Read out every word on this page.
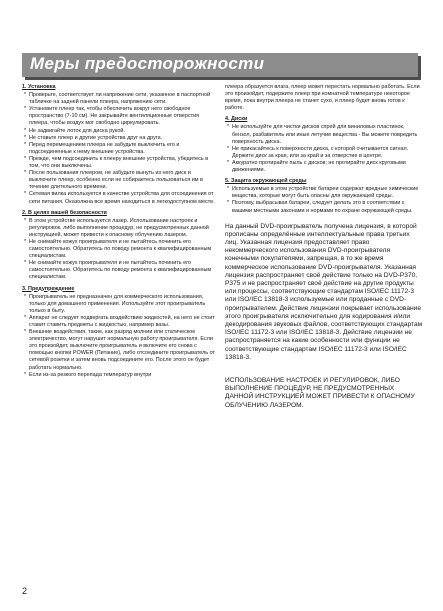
Меры предосторожности
1. Установка
* Проверьте, соответствует ли напряжение сети, указанное в паспортной табличке на задней панели плеера, напряжению сети.
* Установите плеер так, чтобы обеспечить вокруг него свободное пространство (7-10 см). Не закрывайте вентиляционные отверстия плеера, чтобы воздух мог свободно циркулировать.
* Не задвигайте лоток для диска рукой.
* Не ставьте плеер и другие устройства друг на друга.
* Перед перемещением плеера не забудьте выключить его и подсоединенные к нему внешние устройства.
* Прежде, чем подсоединить к плееру внешние устройства, убедитесь в том, что они выключены.
* После пользования плеером, не забудьте вынуть из него диск и выключите плеер, особенно если не собираетесь пользоваться им в течение длительного времени.
* Сетевая вилка используется в качестве устройства для отсоединения от сети питания. Оказолжна все время находиться в легкодоступном месте.
2. В целях вашей безопасности
* В этом устройстве используется лазер. Использование настроек и регулировок, либо выполнение процедур, не предусмотренных данной инструкцией, может привести к опасному облучению лазером.
* Не снимайте кожух проигрывателя и не пытайтесь починить его самостоятельно. Обратитесь по поводу ремонта к квалифицированным специалистам.
* Не снимайте кожух проигрывателя и не пытайтесь починить его самостоятельно. Обратитесь по поводу ремонта к квалифицированным специалистам.
3. Предупреждение
* Проигрыватель не предназначен для коммерческого использования, только для домашнего применения. Используйте этот проигрыватель только в быту.
* Аппарат не следует подвергать воздействию жидкостей, на него не стоит ставит ставить предметы с жидкостью, например вазы.
* Внешние воздействия, такие, как разряд молнии или статическое электричество, могут нарушит нормальную работу проигрывателя. Если это произойдет, выключите проигрыватель и включите его снова с помощью кнопки POWER (Питание), либо отсоедините проигрыватель от сетевой розетки и затем вновь подсоедините его. После этого он будет работать нормально.
* Если из-за резкого перепада температур внутри

плеера образуется влага, плеер может перестать нормально работать. Если это произойдет, подержите плеер при комнатной температуре некоторое время, пока внутри плеера не станет сухо, и плеер будет вновь готов к работе.

4. Диски
* Не используйте для чистки дисков спрей для виниловых пластинок, бензол, разбавитель или иные летучие вещества - Вы можете повредить поверхность диска.
* Не прикасайтесь к поверхности диска, с которой считывается сигнал. Держите диск за края, или за край и за отверстие в центре.
* Аккуратно протирайте пыль с дисков; не протирайте диск круговыми движениями.
5. Защита окружающей среды
* Используемые в этом устройстве батареи содержат вредные химические вещества, которые могут быть опасны для окружающей среды.
* Поэтому, выбрасывая батареи, следует делать это в соответствии с вашими местными законами и нормами по охране окружающей среды.

На данный DVD-проигрыватель получена лицензия, в которой прописаны определённые интеллектуальные права третьих лиц. Указанная лицензия предоставляет право некоммерческого использования DVD-проигрывателя конечными покупателями, запрещая, в то же время коммерческое использование DVD-проигрывателя. Указанная лицензия распространяет своё действие только на DVD-P370, P375 и не распространяет своё действие на другие продукты или процессы, соответствующие стандартам ISO/IEC 11172-3 или ISO/IEC 13818-3 используемые или проданные с DVD-проигрывателем. Действие лицензии покрывает использование этого проигрывателя исключительно для кодирования и/или декодирования звуковых файлов, соответствующих стандартам ISO/IEC 11172-3 или ISO/IEC 13818-3. Действие лицензии не распространяется на какие особенности или функции не соответствующие стандартам ISO/IEC 11172-3 или ISO/IEC 13818-3.

ИСПОЛЬЗОВАНИЕ НАСТРОЕК И РЕГУЛИРОВОК, ЛИБО ВЫПОЛНЕНИЕ ПРОЦЕДУР, НЕ ПРЕДУСМОТРЕННЫХ ДАННОЙ ИНСТРУКЦИЕЙ МОЖЕТ ПРИВЕСТИ К ОПАСНОМУ ОБЛУЧЕНИЮ ЛАЗЕРОМ.

2
